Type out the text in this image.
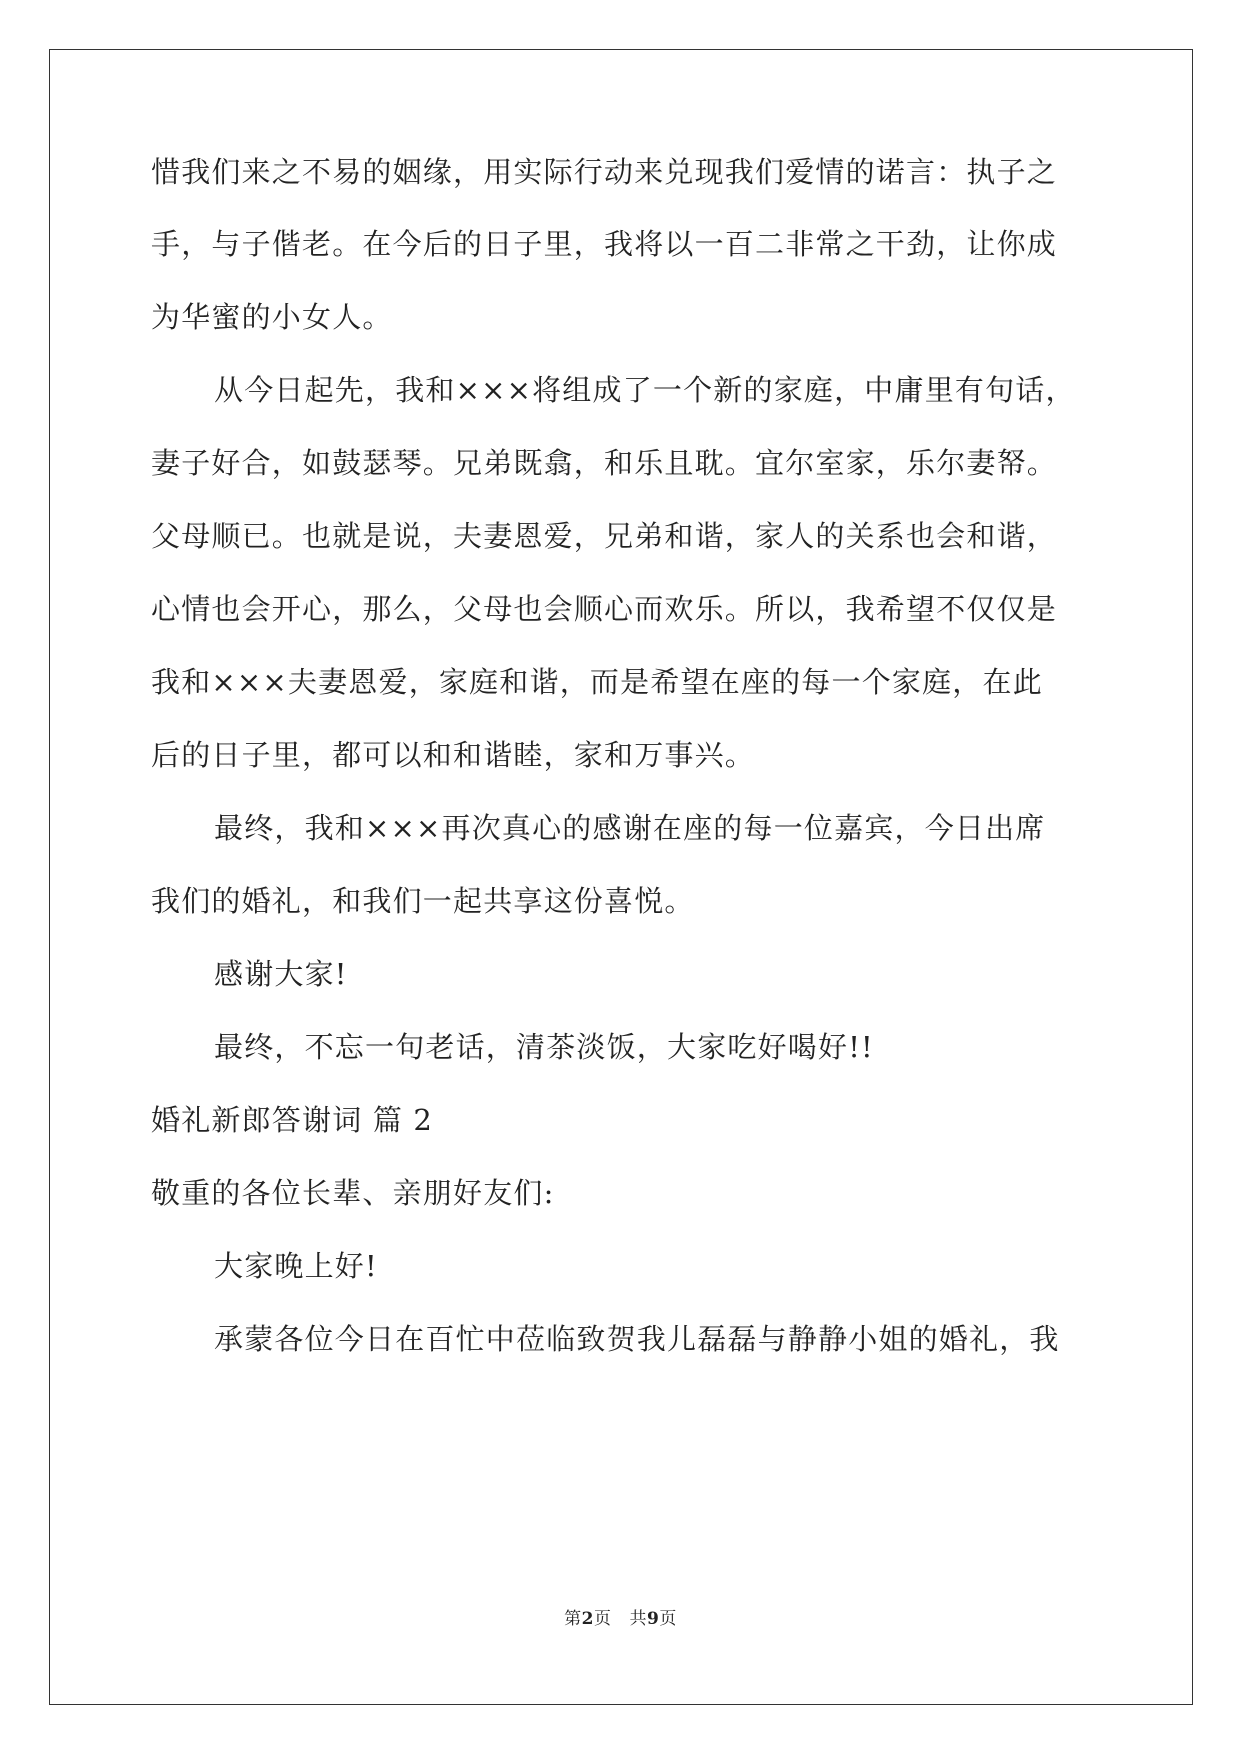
惜我们来之不易的姻缘，用实际行动来兑现我们爱情的诺言：执子之
手，与子偕老。在今后的日子里，我将以一百二非常之干劲，让你成
为华蜜的小女人。
从今日起先，我和×××将组成了一个新的家庭，中庸里有句话，
妻子好合，如鼓瑟琴。兄弟既翕，和乐且耽。宜尔室家，乐尔妻帑。
父母顺已。也就是说，夫妻恩爱，兄弟和谐，家人的关系也会和谐，
心情也会开心，那么，父母也会顺心而欢乐。所以，我希望不仅仅是
我和×××夫妻恩爱，家庭和谐，而是希望在座的每一个家庭，在此
后的日子里，都可以和和谐睦，家和万事兴。
最终，我和×××再次真心的感谢在座的每一位嘉宾，今日出席
我们的婚礼，和我们一起共享这份喜悦。
感谢大家!
最终，不忘一句老话，清茶淡饭，大家吃好喝好!!
婚礼新郎答谢词 篇 2
敬重的各位长辈、亲朋好友们:
大家晚上好!
承蒙各位今日在百忙中莅临致贺我儿磊磊与静静小姐的婚礼，我
第2页 共9页
